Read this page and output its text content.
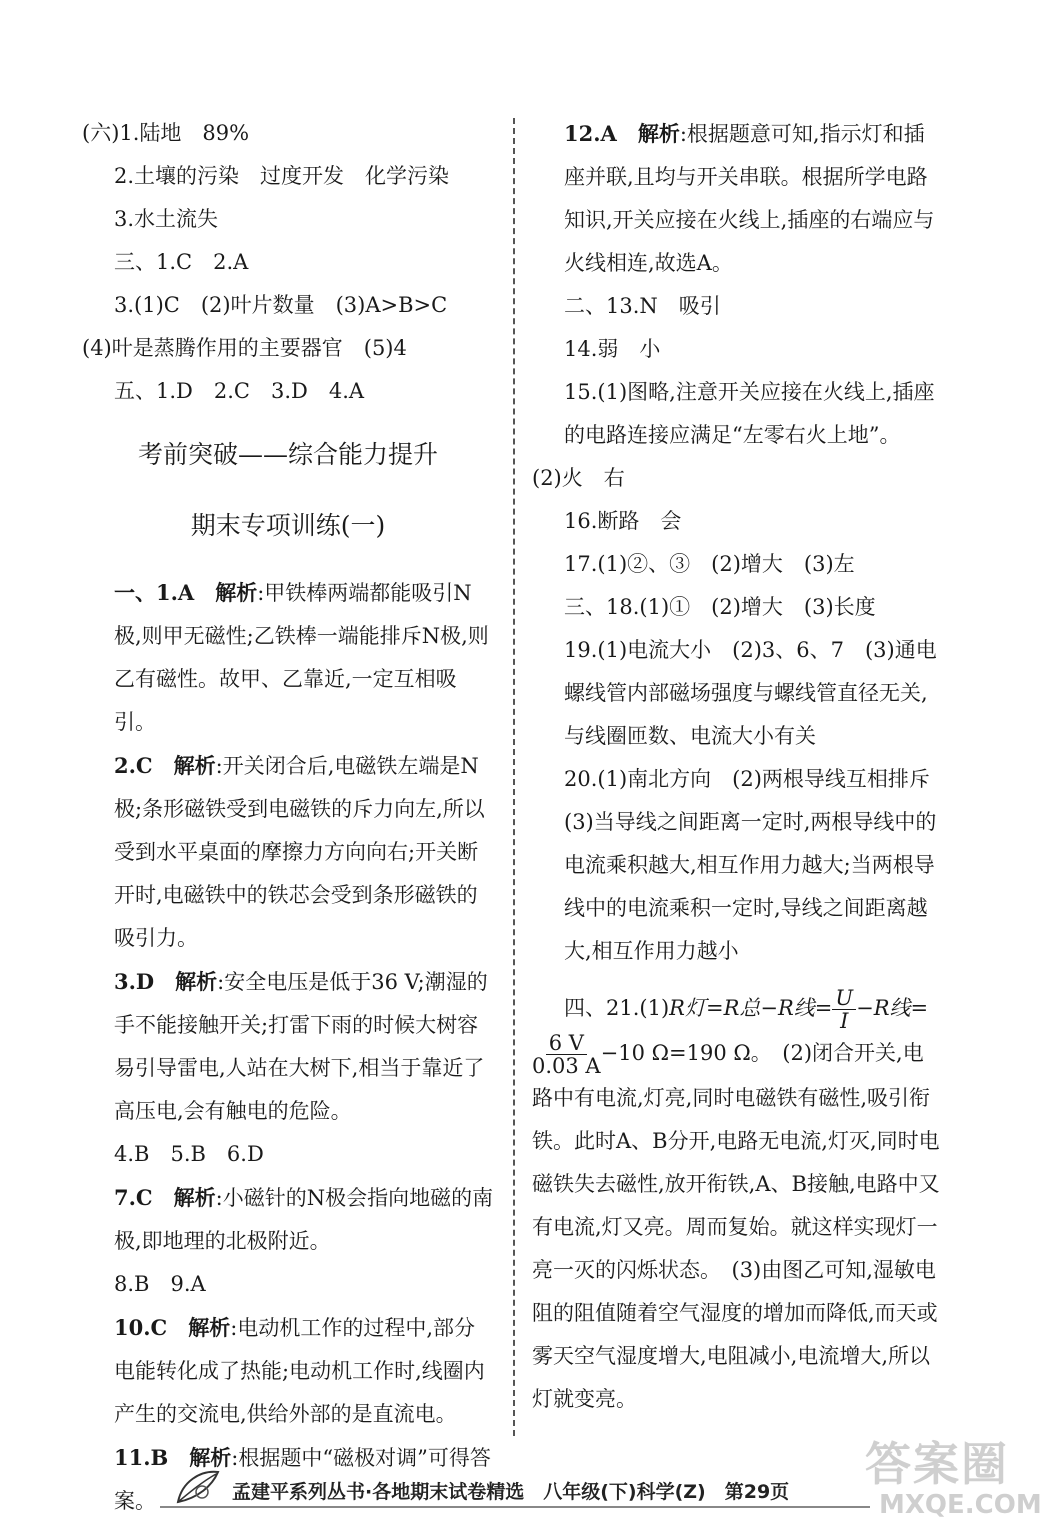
(六)1.陆地　89%

2.土壤的污染　过度开发　化学污染

3.水土流失

三、1.C　2.A

3.(1)C　(2)叶片数量　(3)A>B>C

(4)叶是蒸腾作用的主要器官　(5)4

五、1.D　2.C　3.D　4.A

考前突破——综合能力提升

期末专项训练(一)

一、1.A　 解析:甲铁棒两端都能吸引N极,则甲无磁性;乙铁棒一端能排斥N极,则乙有磁性。故甲、乙靠近,一定互相吸引。

2.C　 解析:开关闭合后,电磁铁左端是N极;条形磁铁受到电磁铁的斥力向左,所以受到水平桌面的摩擦力方向向右;开关断开时,电磁铁中的铁芯会受到条形磁铁的吸引力。

3.D　 解析:安全电压是低于36 V;潮湿的手不能接触开关;打雷下雨的时候大树容易引导雷电,人站在大树下,相当于靠近了高压电,会有触电的危险。

4.B　5.B　6.D

7.C　 解析:小磁针的N极会指向地磁的南极,即地理的北极附近。

8.B　9.A

10.C　 解析:电动机工作的过程中,部分电能转化成了热能;电动机工作时,线圈内产生的交流电,供给外部的是直流电。

11.B　 解析:根据题中“磁极对调”可得答案。

12.A　 解析:根据题意可知,指示灯和插座并联,且均与开关串联。根据所学电路知识,开关应接在火线上,插座的右端应与火线相连,故选A。

二、13.N　吸引

14.弱　小

15.(1)图略,注意开关应接在火线上,插座的电路连接应满足“左零右火上地”。

(2)火　右

16.断路　会

17.(1)②、③　(2)增大　(3)左

三、18.(1)①　(2)增大　(3)长度

19.(1)电流大小　(2)3、6、7　(3)通电螺线管内部磁场强度与螺线管直径无关,与线圈匝数、电流大小有关

20.(1)南北方向　(2)两根导线互相排斥(3)当导线之间距离一定时,两根导线中的电流乘积越大,相互作用力越大;当两根导线中的电流乘积一定时,导线之间距离越大,相互作用力越小

四、21.(1)R灯=R总−R线= $\frac{U}{I} -R$线=

$\frac{6 V}{0.03 A} -10$ Ω=190 Ω。　(2)闭合开关,电路中有电流,灯亮,同时电磁铁有磁性,吸引衔铁。此时A、B分开,电路无电流,灯灭,同时电磁铁失去磁性,放开衔铁,A、B接触,电路中又有电流,灯又亮。周而复始。就这样实现灯一亮一灭的闪烁状态。　(3)由图乙可知,湿敏电阻的阻值随着空气湿度的增加而降低,而天或雾天空气湿度增大,电阻减小,电流增大,所以灯就变亮。

孟建平系列丛书·各地期末试卷精选　八年级(下)科学(Z)　第29页
答案圈
MXQE.COM
